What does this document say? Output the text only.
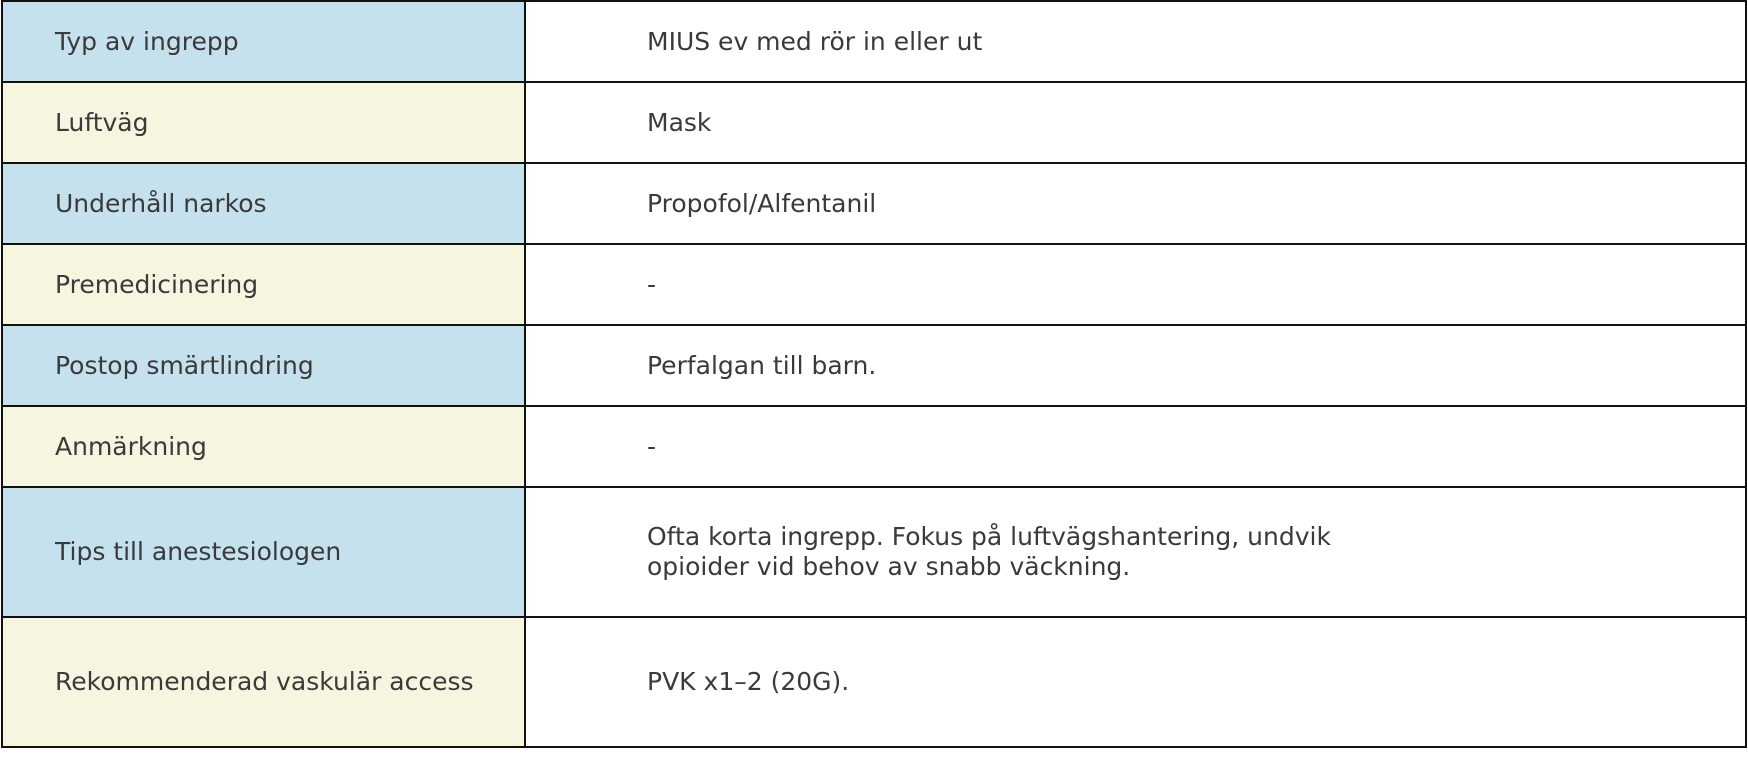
Typ av ingrepp	MIUS ev med rör in eller ut
Luftväg	Mask
Underhåll narkos	Propofol/Alfentanil
Premedicinering	-
Postop smärtlindring	Perfalgan till barn.
Anmärkning	-
Tips till anestesiologen	Ofta korta ingrepp. Fokus på luftvägshantering, undvik opioider vid behov av snabb väckning.
Rekommenderad vaskulär access	PVK x1–2 (20G).
